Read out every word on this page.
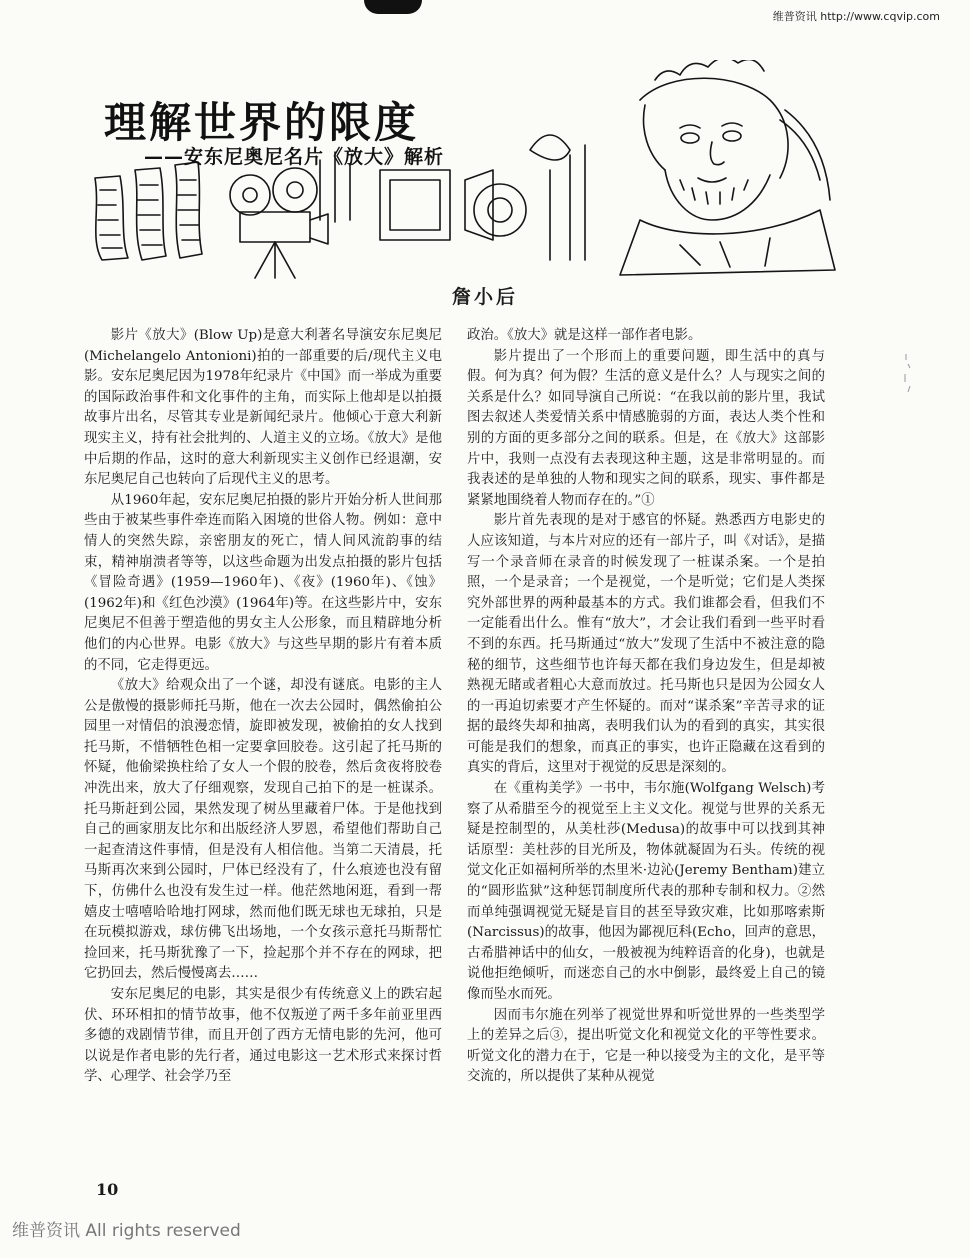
维普资讯 http://www.cqvip.com
理解世界的限度
——安东尼奥尼名片《放大》解析
詹小后

影片《放大》(Blow Up)是意大利著名导演安东尼奥尼(Michelangelo Antonioni)拍的一部重要的后/现代主义电影。安东尼奥尼因为1978年纪录片《中国》而一举成为重要的国际政治事件和文化事件的主角，而实际上他却是以拍摄故事片出名，尽管其专业是新闻纪录片。他倾心于意大利新现实主义，持有社会批判的、人道主义的立场。《放大》是他中后期的作品，这时的意大利新现实主义创作已经退潮，安东尼奥尼自己也转向了后现代主义的思考。

从1960年起，安东尼奥尼拍摄的影片开始分析人世间那些由于被某些事件牵连而陷入困境的世俗人物。例如：意中情人的突然失踪，亲密朋友的死亡，情人间风流韵事的结束，精神崩溃者等等，以这些命题为出发点拍摄的影片包括《冒险奇遇》(1959—1960年)、《夜》(1960年)、《蚀》(1962年)和《红色沙漠》(1964年)等。在这些影片中，安东尼奥尼不但善于塑造他的男女主人公形象，而且精辟地分析他们的内心世界。电影《放大》与这些早期的影片有着本质的不同，它走得更远。

《放大》给观众出了一个谜，却没有谜底。电影的主人公是傲慢的摄影师托马斯，他在一次去公园时，偶然偷拍公园里一对情侣的浪漫恋情，旋即被发现，被偷拍的女人找到托马斯，不惜牺牲色相一定要拿回胶卷。这引起了托马斯的怀疑，他偷梁换柱给了女人一个假的胶卷，然后贪夜将胶卷冲洗出来，放大了仔细观察，发现自己拍下的是一桩谋杀。托马斯赶到公园，果然发现了树丛里藏着尸体。于是他找到自己的画家朋友比尔和出版经济人罗恩，希望他们帮助自己一起查清这件事情，但是没有人相信他。当第二天清晨，托马斯再次来到公园时，尸体已经没有了，什么痕迹也没有留下，仿佛什么也没有发生过一样。他茫然地闲逛，看到一帮嬉皮士嘻嘻哈哈地打网球，然而他们既无球也无球拍，只是在玩模拟游戏，球仿佛飞出场地，一个女孩示意托马斯帮忙捡回来，托马斯犹豫了一下，捡起那个并不存在的网球，把它扔回去，然后慢慢离去……

安东尼奥尼的电影，其实是很少有传统意义上的跌宕起伏、环环相扣的情节故事，他不仅叛逆了两千多年前亚里西多德的戏剧情节律，而且开创了西方无情电影的先河，他可以说是作者电影的先行者，通过电影这一艺术形式来探讨哲学、心理学、社会学乃至

政治。《放大》就是这样一部作者电影。

影片提出了一个形而上的重要问题，即生活中的真与假。何为真？何为假？生活的意义是什么？人与现实之间的关系是什么？如同导演自己所说：“在我以前的影片里，我试图去叙述人类爱情关系中情感脆弱的方面，表达人类个性和别的方面的更多部分之间的联系。但是，在《放大》这部影片中，我则一点没有去表现这种主题，这是非常明显的。而我表述的是单独的人物和现实之间的联系，现实、事件都是紧紧地围绕着人物而存在的。”①

影片首先表现的是对于感官的怀疑。熟悉西方电影史的人应该知道，与本片对应的还有一部片子，叫《对话》，是描写一个录音师在录音的时候发现了一桩谋杀案。一个是拍照，一个是录音；一个是视觉，一个是听觉；它们是人类探究外部世界的两种最基本的方式。我们谁都会看，但我们不一定能看出什么。惟有“放大”，才会让我们看到一些平时看不到的东西。托马斯通过“放大”发现了生活中不被注意的隐秘的细节，这些细节也许每天都在我们身边发生，但是却被熟视无睹或者粗心大意而放过。托马斯也只是因为公园女人的一再迫切索要才产生怀疑的。而对“谋杀案”辛苦寻求的证据的最终失却和抽离，表明我们认为的看到的真实，其实很可能是我们的想象，而真正的事实，也许正隐藏在这看到的真实的背后，这里对于视觉的反思是深刻的。

在《重构美学》一书中，韦尔施(Wolfgang Welsch)考察了从希腊至今的视觉至上主义文化。视觉与世界的关系无疑是控制型的，从美杜莎(Medusa)的故事中可以找到其神话原型：美杜莎的目光所及，物体就凝固为石头。传统的视觉文化正如福柯所举的杰里米·边沁(Jeremy Bentham)建立的“圆形监狱”这种惩罚制度所代表的那种专制和权力。②然而单纯强调视觉无疑是盲目的甚至导致灾难，比如那喀索斯(Narcissus)的故事，他因为鄙视厄科(Echo，回声的意思，古希腊神话中的仙女，一般被视为纯粹语音的化身)，也就是说他拒绝倾听，而迷恋自己的水中倒影，最终爱上自己的镜像而坠水而死。

因而韦尔施在列举了视觉世界和听觉世界的一些类型学上的差异之后③，提出听觉文化和视觉文化的平等性要求。听觉文化的潜力在于，它是一种以接受为主的文化，是平等交流的，所以提供了某种从视觉

10
维普资讯 All rights reserved
